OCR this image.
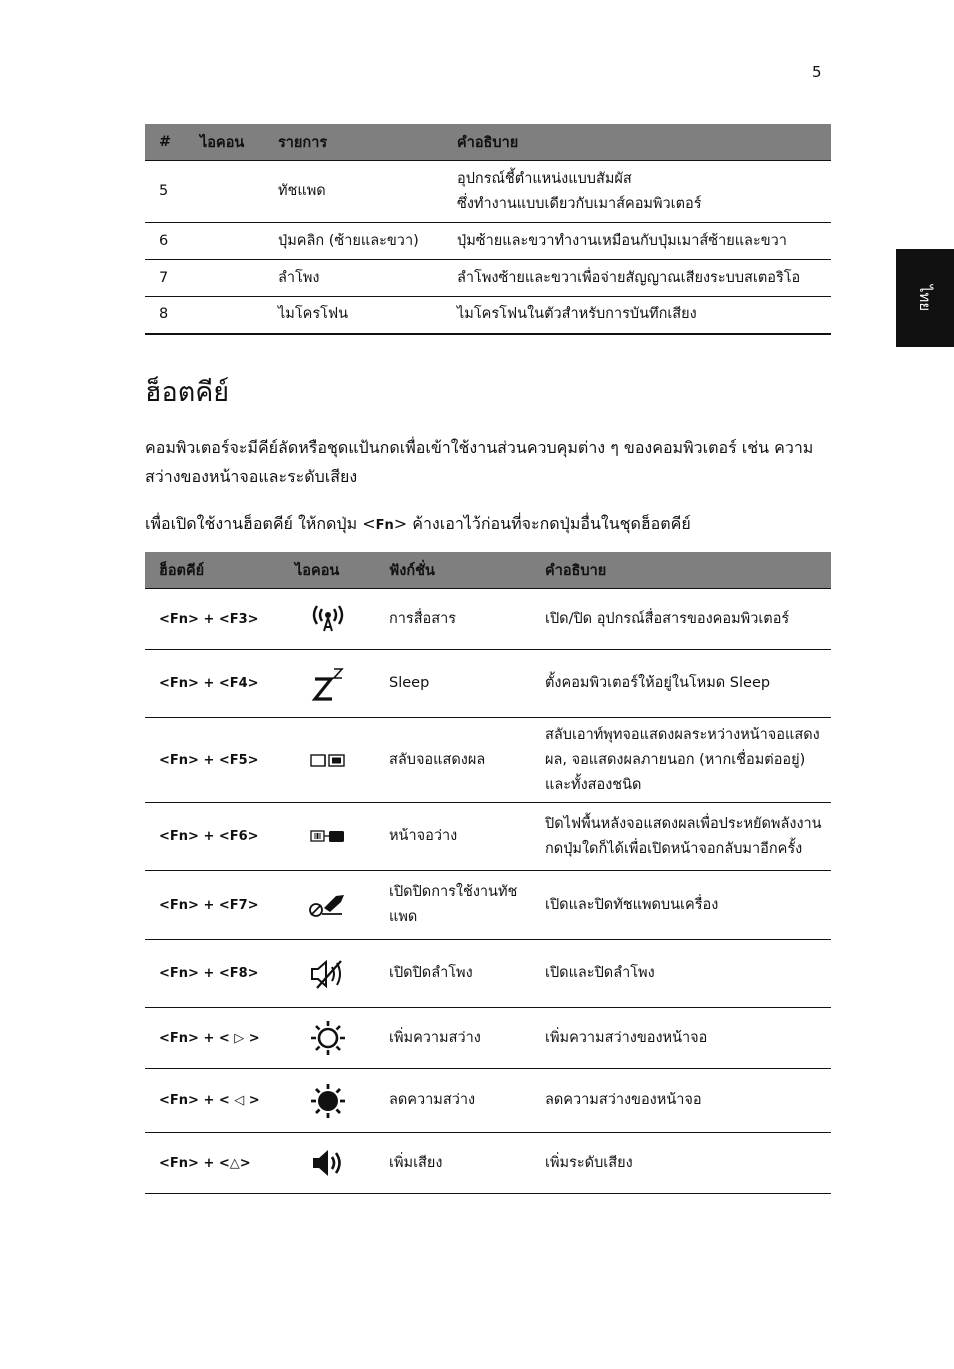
5
ไทย
#	ไอคอน	รายการ	คำอธิบาย
5		ทัชแพด	อุปกรณ์ชี้ตำแหน่งแบบสัมผัส
ซึ่งทำงานแบบเดียวกับเมาส์คอมพิวเตอร์

6		ปุ่มคลิก (ซ้ายและขวา)	ปุ่มซ้ายและขวาทำงานเหมือนกับปุ่มเมาส์ซ้ายและขวา
7		ลำโพง	ลำโพงซ้ายและขวาเพื่อจ่ายสัญญาณเสียงระบบสเตอริโอ
8		ไมโครโฟน	ไมโครโฟนในตัวสำหรับการบันทึกเสียง
ฮ็อตคีย์

คอมพิวเตอร์จะมีคีย์ลัดหรือชุดแป้นกดเพื่อเข้าใช้งานส่วนควบคุมต่าง ๆ ของคอมพิวเตอร์ เช่น ความสว่างของหน้าจอและระดับเสียง

เพื่อเปิดใช้งานฮ็อตคีย์ ให้กดปุ่ม <Fn> ค้างเอาไว้ก่อนที่จะกดปุ่มอื่นในชุดฮ็อตคีย์

ฮ็อตคีย์	ไอคอน	ฟังก์ชั่น	คำอธิบาย
<Fn> + <F3>		การสื่อสาร	เปิด/ปิด อุปกรณ์สื่อสารของคอมพิวเตอร์
<Fn> + <F4>		Sleep	ตั้งคอมพิวเตอร์ให้อยู่ในโหมด Sleep
<Fn> + <F5>		สลับจอแสดงผล	สลับเอาท์พุทจอแสดงผลระหว่างหน้าจอแสดงผล, จอแสดงผลภายนอก (หากเชื่อมต่ออยู่) และทั้งสองชนิด
<Fn> + <F6>		หน้าจอว่าง	ปิดไฟพื้นหลังจอแสดงผลเพื่อประหยัดพลังงาน กดปุ่มใดก็ได้เพื่อเปิดหน้าจอกลับมาอีกครั้ง
<Fn> + <F7>		เปิดปิดการใช้งานทัชแพด	เปิดและปิดทัชแพดบนเครื่อง
<Fn> + <F8>		เปิดปิดลำโพง	เปิดและปิดลำโพง
<Fn> + < ▷ >		เพิ่มความสว่าง	เพิ่มความสว่างของหน้าจอ
<Fn> + < ◁ >		ลดความสว่าง	ลดความสว่างของหน้าจอ
<Fn> + <△>		เพิ่มเสียง	เพิ่มระดับเสียง
